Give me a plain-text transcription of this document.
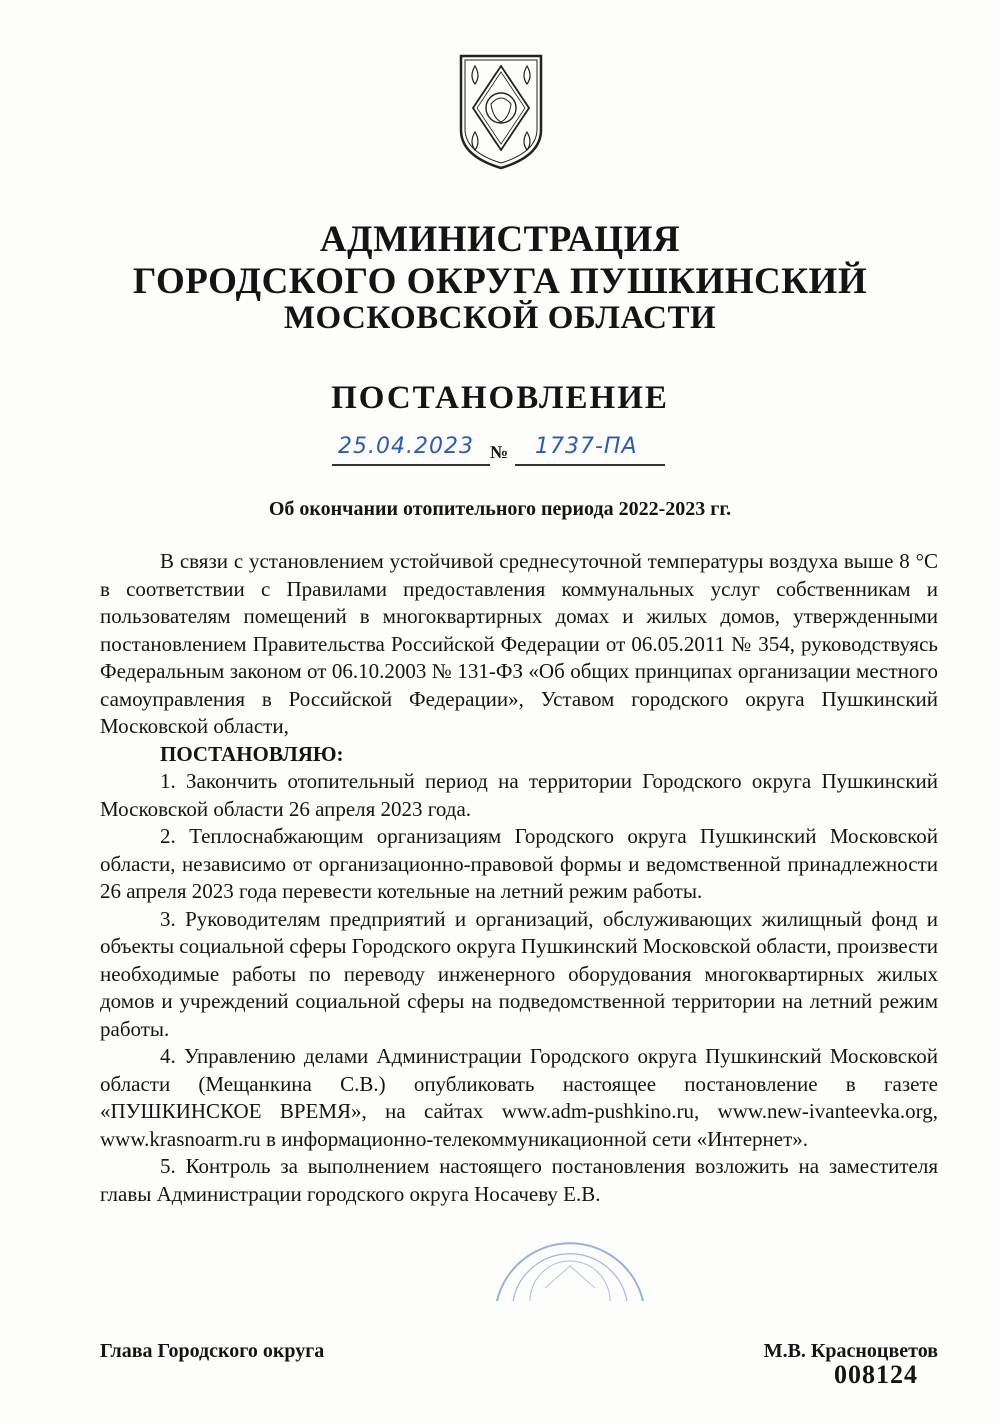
АДМИНИСТРАЦИЯ
ГОРОДСКОГО ОКРУГА ПУШКИНСКИЙ
МОСКОВСКОЙ ОБЛАСТИ
ПОСТАНОВЛЕНИЕ
25.04.2023 № 1737-ПА
Об окончании отопительного периода 2022-2023 гг.

В связи с установлением устойчивой среднесуточной температуры воздуха выше 8 °С в соответствии с Правилами предоставления коммунальных услуг собственникам и пользователям помещений в многоквартирных домах и жилых домов, утвержденными постановлением Правительства Российской Федерации от 06.05.2011 № 354, руководствуясь Федеральным законом от 06.10.2003 № 131-ФЗ «Об общих принципах организации местного самоуправления в Российской Федерации», Уставом городского округа Пушкинский Московской области,

ПОСТАНОВЛЯЮ:

1. Закончить отопительный период на территории Городского округа Пушкинский Московской области 26 апреля 2023 года.

2. Теплоснабжающим организациям Городского округа Пушкинский Московской области, независимо от организационно-правовой формы и ведомственной принадлежности 26 апреля 2023 года перевести котельные на летний режим работы.

3. Руководителям предприятий и организаций, обслуживающих жилищный фонд и объекты социальной сферы Городского округа Пушкинский Московской области, произвести необходимые работы по переводу инженерного оборудования многоквартирных жилых домов и учреждений социальной сферы на подведомственной территории на летний режим работы.

4. Управлению делами Администрации Городского округа Пушкинский Московской области (Мещанкина С.В.) опубликовать настоящее постановление в газете «ПУШКИНСКОЕ ВРЕМЯ», на сайтах www.adm-pushkino.ru, www.new-ivanteevka.org, www.krasnoarm.ru в информационно-телекоммуникационной сети «Интернет».

5. Контроль за выполнением настоящего постановления возложить на заместителя главы Администрации городского округа Носачеву Е.В.

Глава Городского округа	М.В. Красноцветов
008124
